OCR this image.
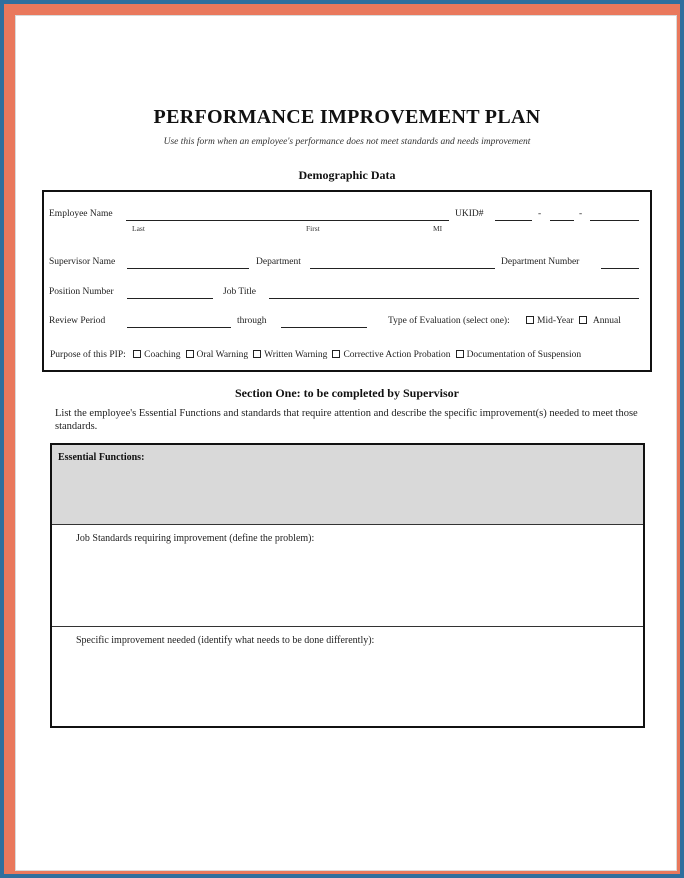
PERFORMANCE IMPROVEMENT PLAN
Use this form when an employee's performance does not meet standards and needs improvement
Demographic Data
Employee Name
Last	First	MI
UKID#	-	-
Supervisor Name	Department	Department Number
Position Number	Job Title
Review Period	through	Type of Evaluation (select one):	Mid-Year Annual
Purpose of this PIP: Coaching Oral Warning Written Warning Corrective Action Probation Documentation of Suspension
Section One: to be completed by Supervisor
List the employee's Essential Functions and standards that require attention and describe the specific improvement(s) needed to meet those standards.
Essential Functions:
Job Standards requiring improvement (define the problem):
Specific improvement needed (identify what needs to be done differently):
